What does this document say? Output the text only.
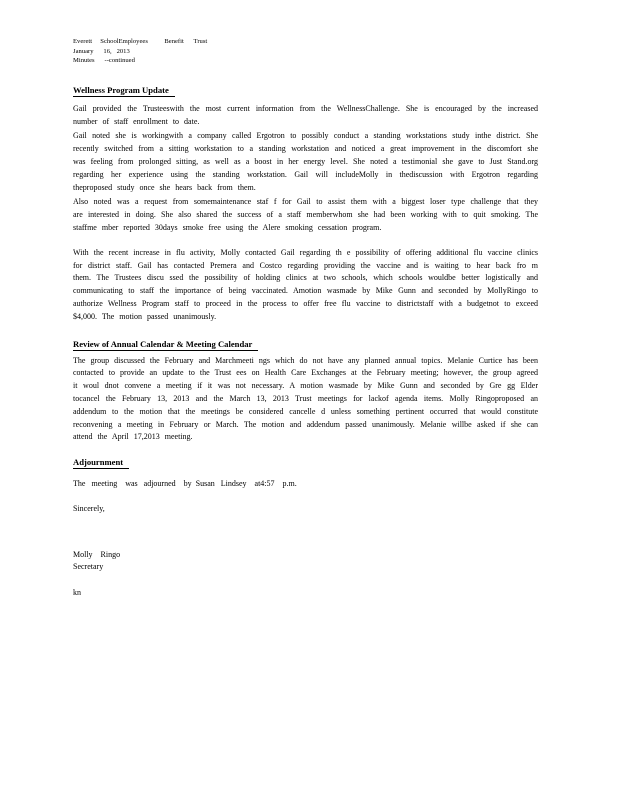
Everett     SchoolEmployees          Benefit      Trust
January      16,   2013
Minutes      --continued
Wellness Program Update
Gail provided the Trusteeswith the most current information from the WellnessChallenge. She is encouraged by the increased number of staff enrollment to date.
Gail noted she is workingwith a company called Ergotron to possibly conduct a standing workstations study inthe district. She recently switched from a sitting workstation to a standing workstation and noticed a great improvement in the discomfort she was feeling from prolonged sitting, as well as a boost in her energy level. She noted a testimonial she gave to Just Stand.org regarding her experience using the standing workstation. Gail will includeMolly in thediscussion with Ergotron regarding theproposed study once she hears back from them.
Also noted was a request from somemaintenance staf f for Gail to assist them with a biggest loser type challenge that they are interested in doing. She also shared the success of a staff memberwhom she had been working with to quit smoking. The staffme mber reported 30days smoke free using the Alere smoking cessation program.
With the recent increase in flu activity, Molly contacted Gail regarding th e possibility of offering additional flu vaccine clinics for district staff. Gail has contacted Premera and Costco regarding providing the vaccine and is waiting to hear back fro m them. The Trustees discu ssed the possibility of holding clinics at two schools, which schools wouldbe better logistically and communicating to staff the importance of being vaccinated. Amotion wasmade by Mike Gunn and seconded by MollyRingo to authorize Wellness Program staff to proceed in the process to offer free flu vaccine to districtstaff with a budgetnot to exceed $4,000. The motion passed unanimously.
Review of Annual Calendar & Meeting Calendar
The group discussed the February and Marchmeeti ngs which do not have any planned annual topics. Melanie Curtice has been contacted to provide an update to the Trust ees on Health Care Exchanges at the February meeting; however, the group agreed it woul dnot convene a meeting if it was not necessary. A motion wasmade by Mike Gunn and seconded by Gre gg Elder tocancel the February 13, 2013 and the March 13, 2013 Trust meetings for lackof agenda items. Molly Ringoproposed an addendum to the motion that the meetings be considered cancelle d unless something pertinent occurred that would constitute reconvening a meeting in February or March. The motion and addendum passed unanimously. Melanie willbe asked if she can attend the April 17,2013 meeting.
Adjournment
The   meeting    was   adjourned    by  Susan   Lindsey    at4:57    p.m.
Sincerely,
Molly    Ringo
Secretary
kn
